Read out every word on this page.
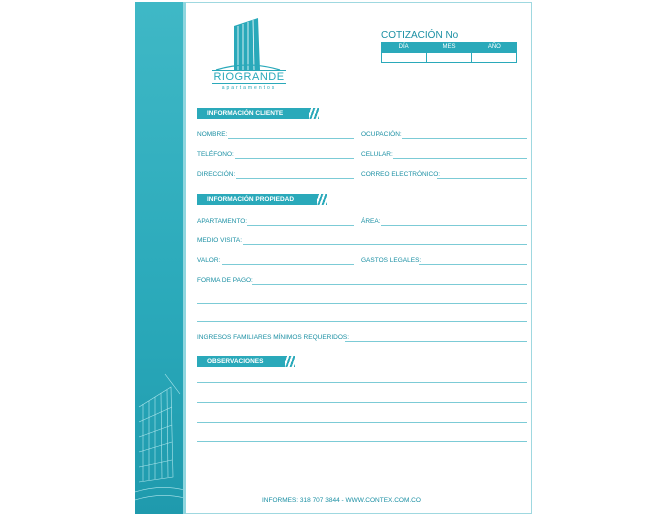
RIOGRANDE
apartamentos
COTIZACIÓN No
DÍA	MES	AÑO
INFORMACIÓN CLIENTE
NOMBRE:	OCUPACIÓN:
TELÉFONO:	CELULAR:
DIRECCIÓN:	CORREO ELECTRÓNICO:
INFORMACIÓN PROPIEDAD
APARTAMENTO:	ÁREA:
MEDIO VISITA:
VALOR:	GASTOS LEGALES:
FORMA DE PAGO:
INGRESOS FAMILIARES MÍNIMOS REQUERIDOS:
OBSERVACIONES
INFORMES: 318 707 3844 - WWW.CONTEX.COM.CO
